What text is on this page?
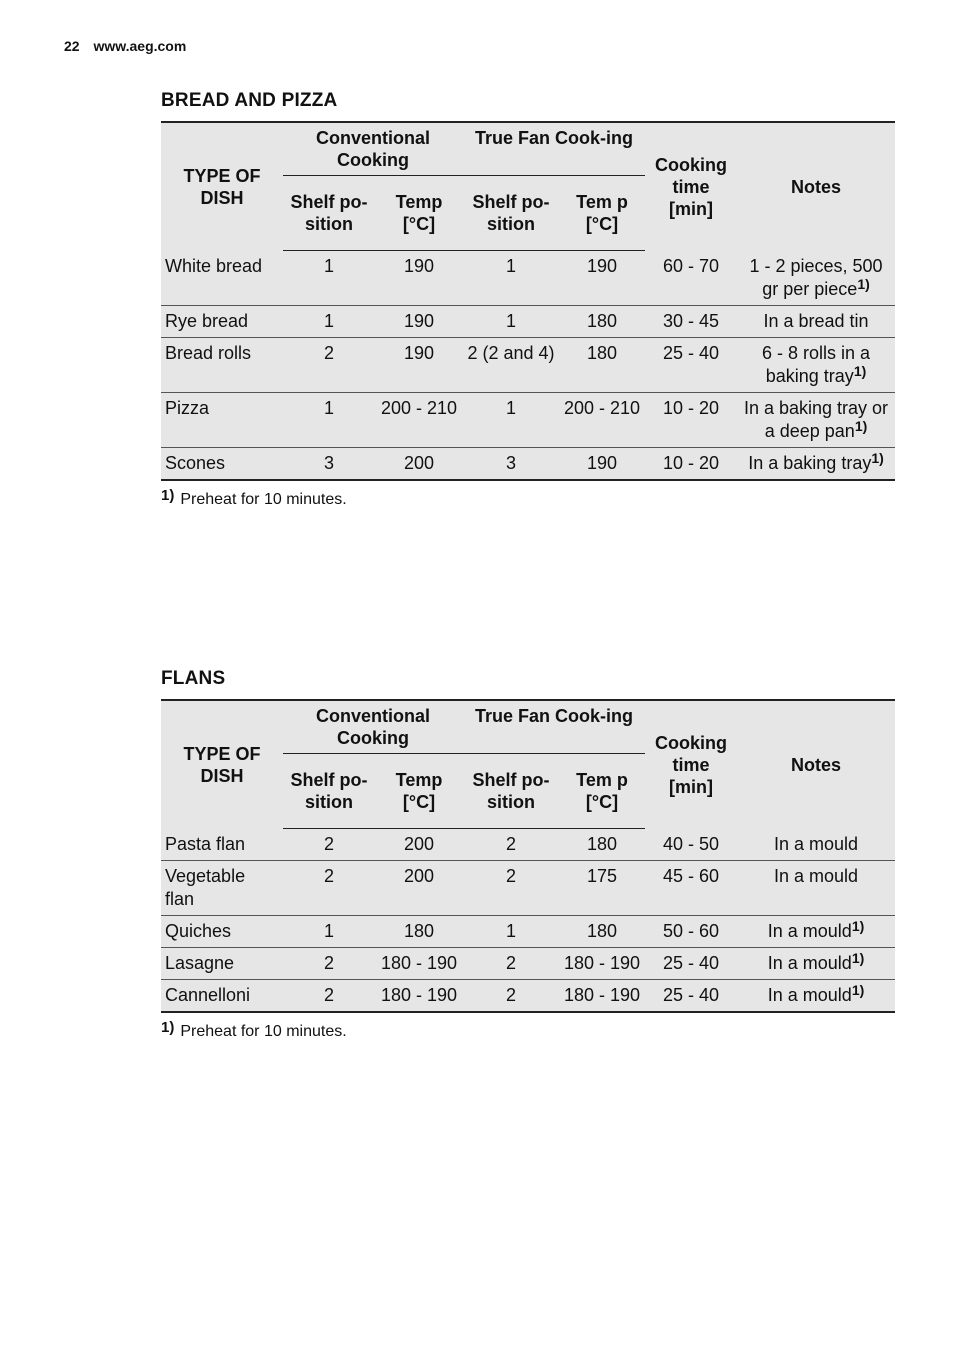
22 www.aeg.com
BREAD AND PIZZA
TYPE OF DISH	Conventional Cooking		True Fan Cook-ing		Cooking time [min]	Notes
	Shelf po-sition	Temp [°C]	Shelf po-sition	Tem p [°C]		
White bread	1	190	1	190	60 - 70	1 - 2 pieces, 500 gr per piece$^{1)}$
Rye bread	1	190	1	180	30 - 45	In a bread tin
Bread rolls	2	190	2 (2 and 4)	180	25 - 40	6 - 8 rolls in a baking tray$^{1)}$
Pizza	1	200 - 210	1	200 - 210	10 - 20	In a baking tray or a deep pan$^{1)}$
Scones	3	200	3	190	10 - 20	In a baking tray$^{1)}$
1) Preheat for 10 minutes.
FLANS
TYPE OF DISH	Conventional Cooking		True Fan Cook-ing		Cooking time [min]	Notes
	Shelf po-sition	Temp [°C]	Shelf po-sition	Tem p [°C]		
Pasta flan	2	200	2	180	40 - 50	In a mould
Vegetable flan	2	200	2	175	45 - 60	In a mould
Quiches	1	180	1	180	50 - 60	In a mould$^{1)}$
Lasagne	2	180 - 190	2	180 - 190	25 - 40	In a mould$^{1)}$
Cannelloni	2	180 - 190	2	180 - 190	25 - 40	In a mould$^{1)}$
1) Preheat for 10 minutes.
